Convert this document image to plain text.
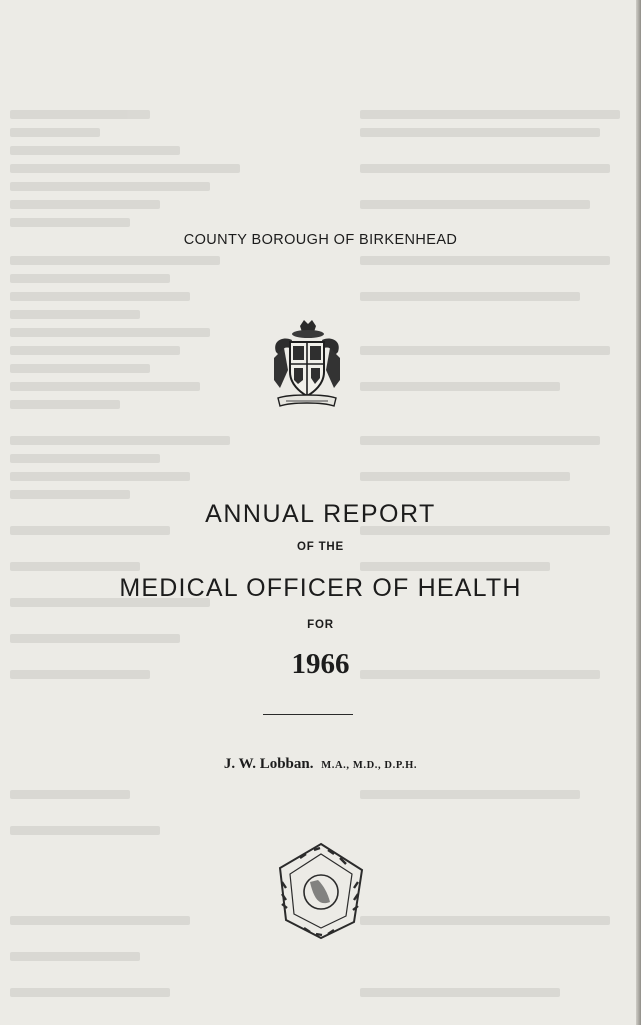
COUNTY BOROUGH OF BIRKENHEAD
ANNUAL REPORT
OF THE
MEDICAL OFFICER OF HEALTH
FOR
1966
J. W. Lobban. M.A., M.D., D.P.H.
